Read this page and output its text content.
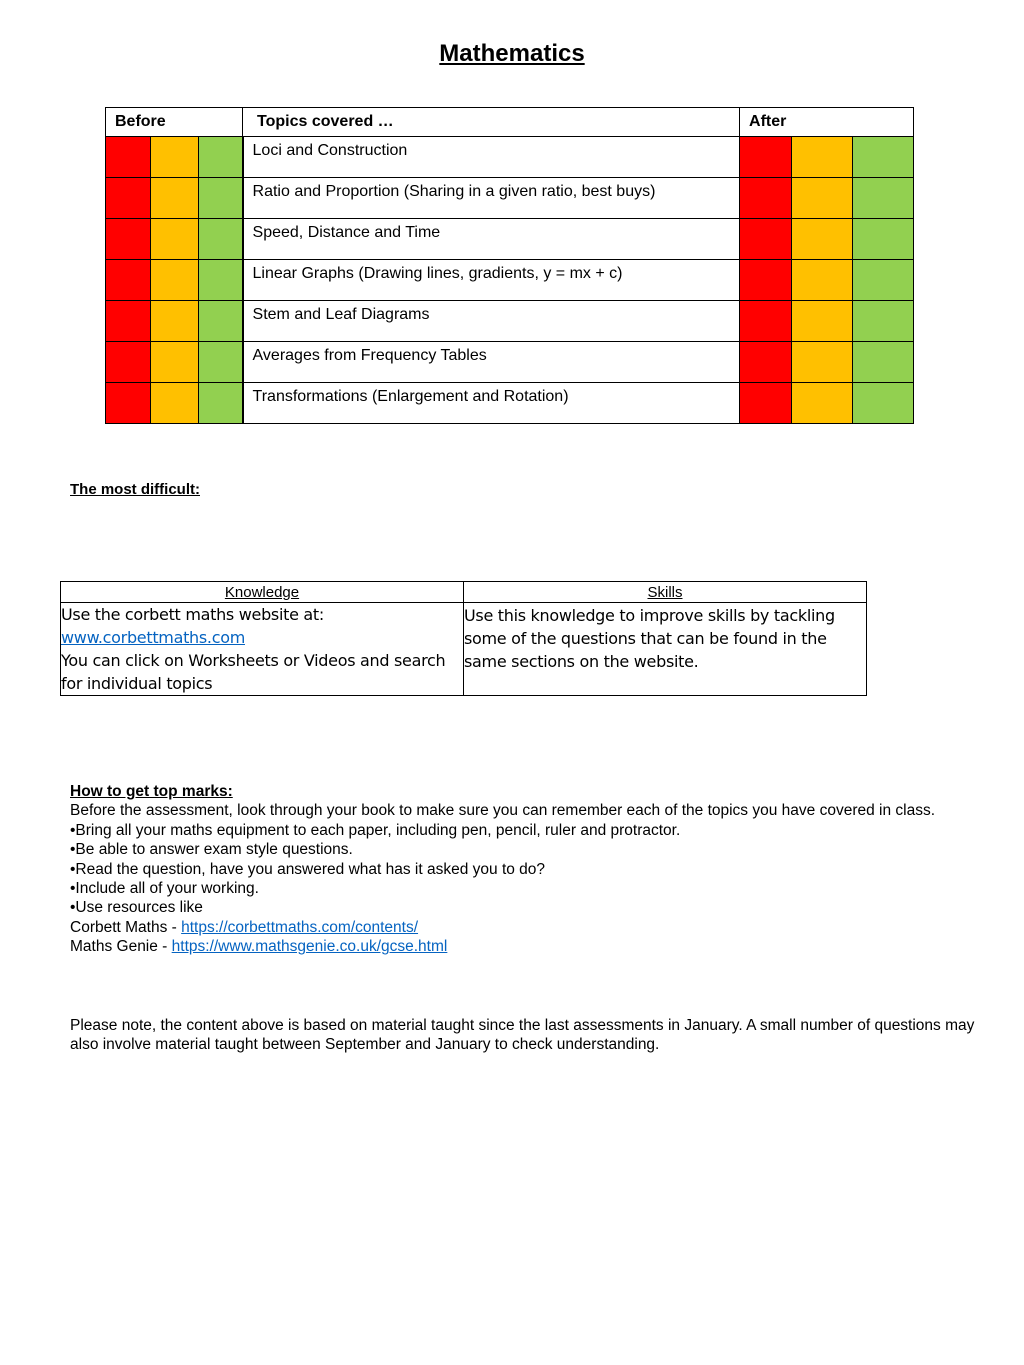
Mathematics
Before			Topics covered …	After		
			Loci and Construction			
			Ratio and Proportion (Sharing in a given ratio, best buys)			
			Speed, Distance and Time			
			Linear Graphs (Drawing lines, gradients, y = mx + c)			
			Stem and Leaf Diagrams			
			Averages from Frequency Tables			
			Transformations (Enlargement and Rotation)			
The most difficult:
Knowledge	Skills

Use the corbett maths website at:
www.corbettmaths.com
You can click on Worksheets or Videos and search for individual topics	Use this knowledge to improve skills by tackling some of the questions that can be found in the same sections on the website.
How to get top marks:
Before the assessment, look through your book to make sure you can remember each of the topics you have covered in class.
•Bring all your maths equipment to each paper, including pen, pencil, ruler and protractor.
•Be able to answer exam style questions.
•Read the question, have you answered what has it asked you to do?
•Include all of your working.
•Use resources like
Corbett Maths - https://corbettmaths.com/contents/
Maths Genie - https://www.mathsgenie.co.uk/gcse.html
Please note, the content above is based on material taught since the last assessments in January. A small number of questions may also involve material taught between September and January to check understanding.
